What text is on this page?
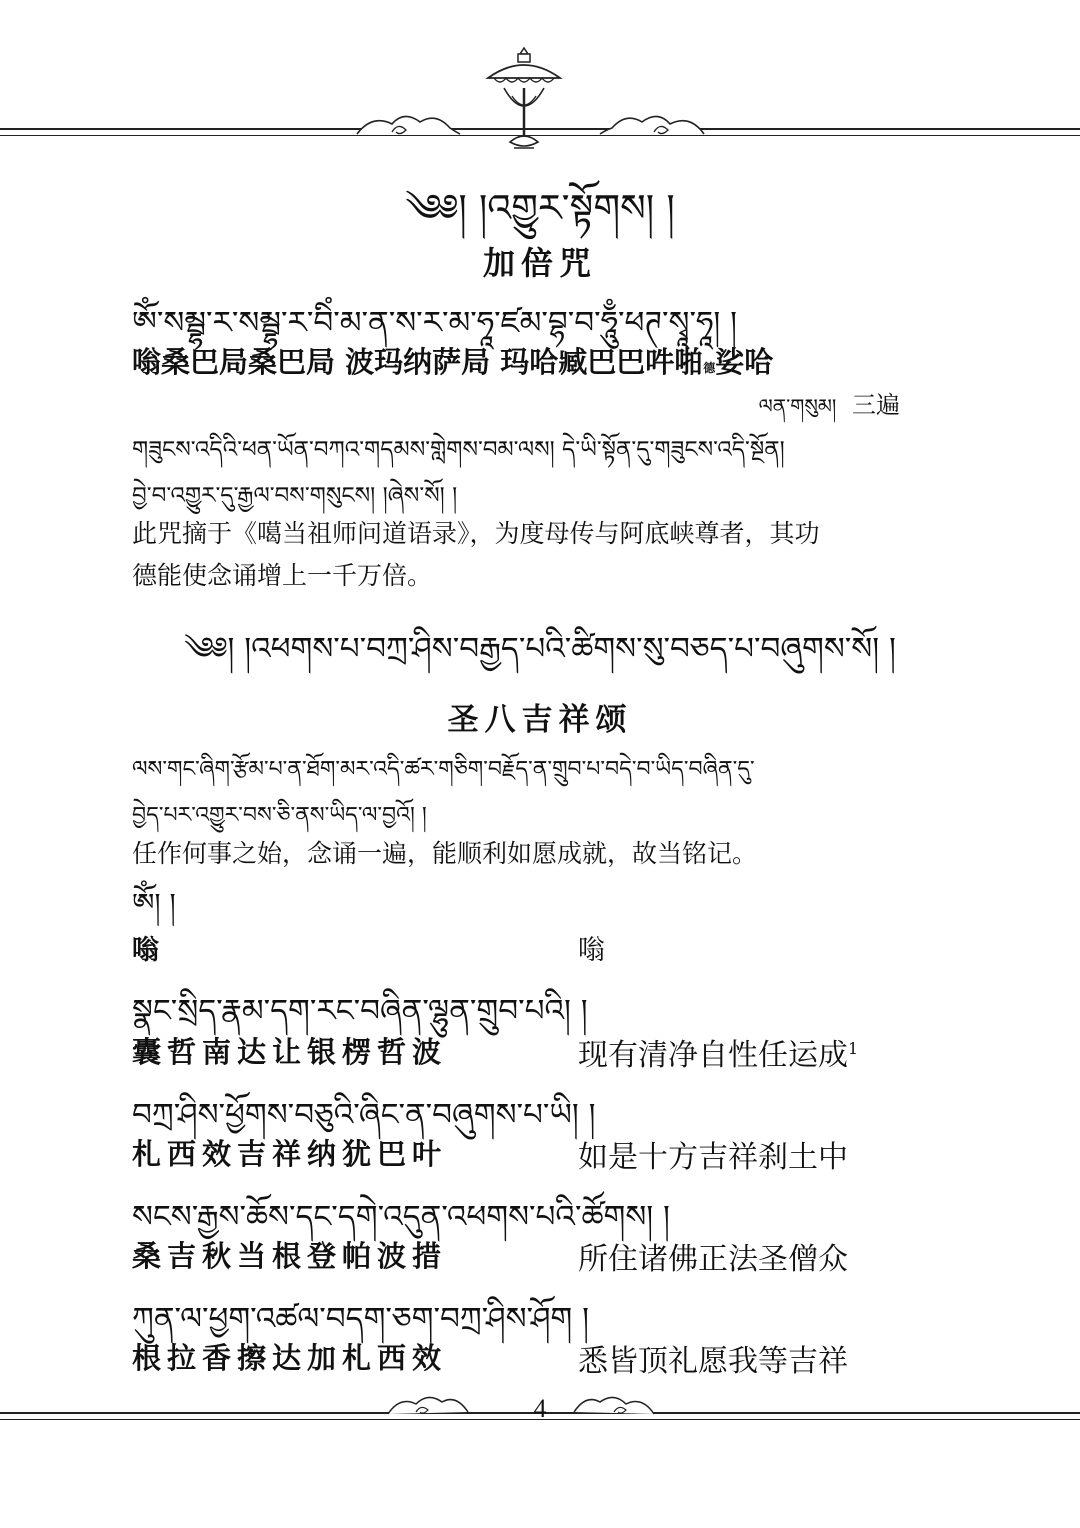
༄༅། །འགྱུར་སྟོགས། །
加倍咒
ཨོཾ་སམྦྷ་ར་སམྦྷ་ར་བིཾ་མ་ན་ས་ར་མ་ཧཱ་ཛམ་བྷ་བ་ཧཱུྃ་ཕཊ་སྭཱ་ཧཱ། །
嗡桑巴局桑巴局 波玛纳萨局 玛哈臧巴巴吽啪德娑哈
ལན་གསུམ། 三遍
གཟུངས་འདིའི་ཕན་ཡོན་བཀའ་གདམས་གླེགས་བམ་ལས། དེ་ཡི་སྟོན་དུ་གཟུངས་འདི་སྔོན།
བྱེ་བ་འགྱུར་དུ་རྒྱལ་བས་གསུངས། །ཞེས་སོ། །
此咒摘于《噶当祖师问道语录》，为度母传与阿底峡尊者，其功
德能使念诵增上一千万倍。
༄༅། །འཕགས་པ་བཀྲ་ཤིས་བརྒྱད་པའི་ཚིགས་སུ་བཅད་པ་བཞུགས་སོ། །
圣八吉祥颂
ལས་གང་ཞིག་རྩོམ་པ་ན་ཐོག་མར་འདི་ཚར་གཅིག་བརྗོད་ན་གྲུབ་པ་བདེ་བ་ཡིད་བཞིན་དུ་
བྱེད་པར་འགྱུར་བས་ཅི་ནས་ཡིད་ལ་བྱའོ། །
任作何事之始，念诵一遍，能顺利如愿成就，故当铭记。
ཨོཾ། །
嗡	嗡
སྣང་སྲིད་རྣམ་དག་རང་བཞིན་ལྷུན་གྲུབ་པའི། །
囊哲南达让银楞哲波	现有清净自性任运成$^1$
བཀྲ་ཤིས་ཕྱོགས་བཅུའི་ཞིང་ན་བཞུགས་པ་ཡི། །
札西效吉祥纳犹巴叶	如是十方吉祥刹土中
སངས་རྒྱས་ཆོས་དང་དགེ་འདུན་འཕགས་པའི་ཚོགས། །
桑吉秋当根登帕波措	所住诸佛正法圣僧众
ཀུན་ལ་ཕྱག་འཚལ་བདག་ཅག་བཀྲ་ཤིས་ཤོག །
根拉香擦达加札西效	悉皆顶礼愿我等吉祥
4
